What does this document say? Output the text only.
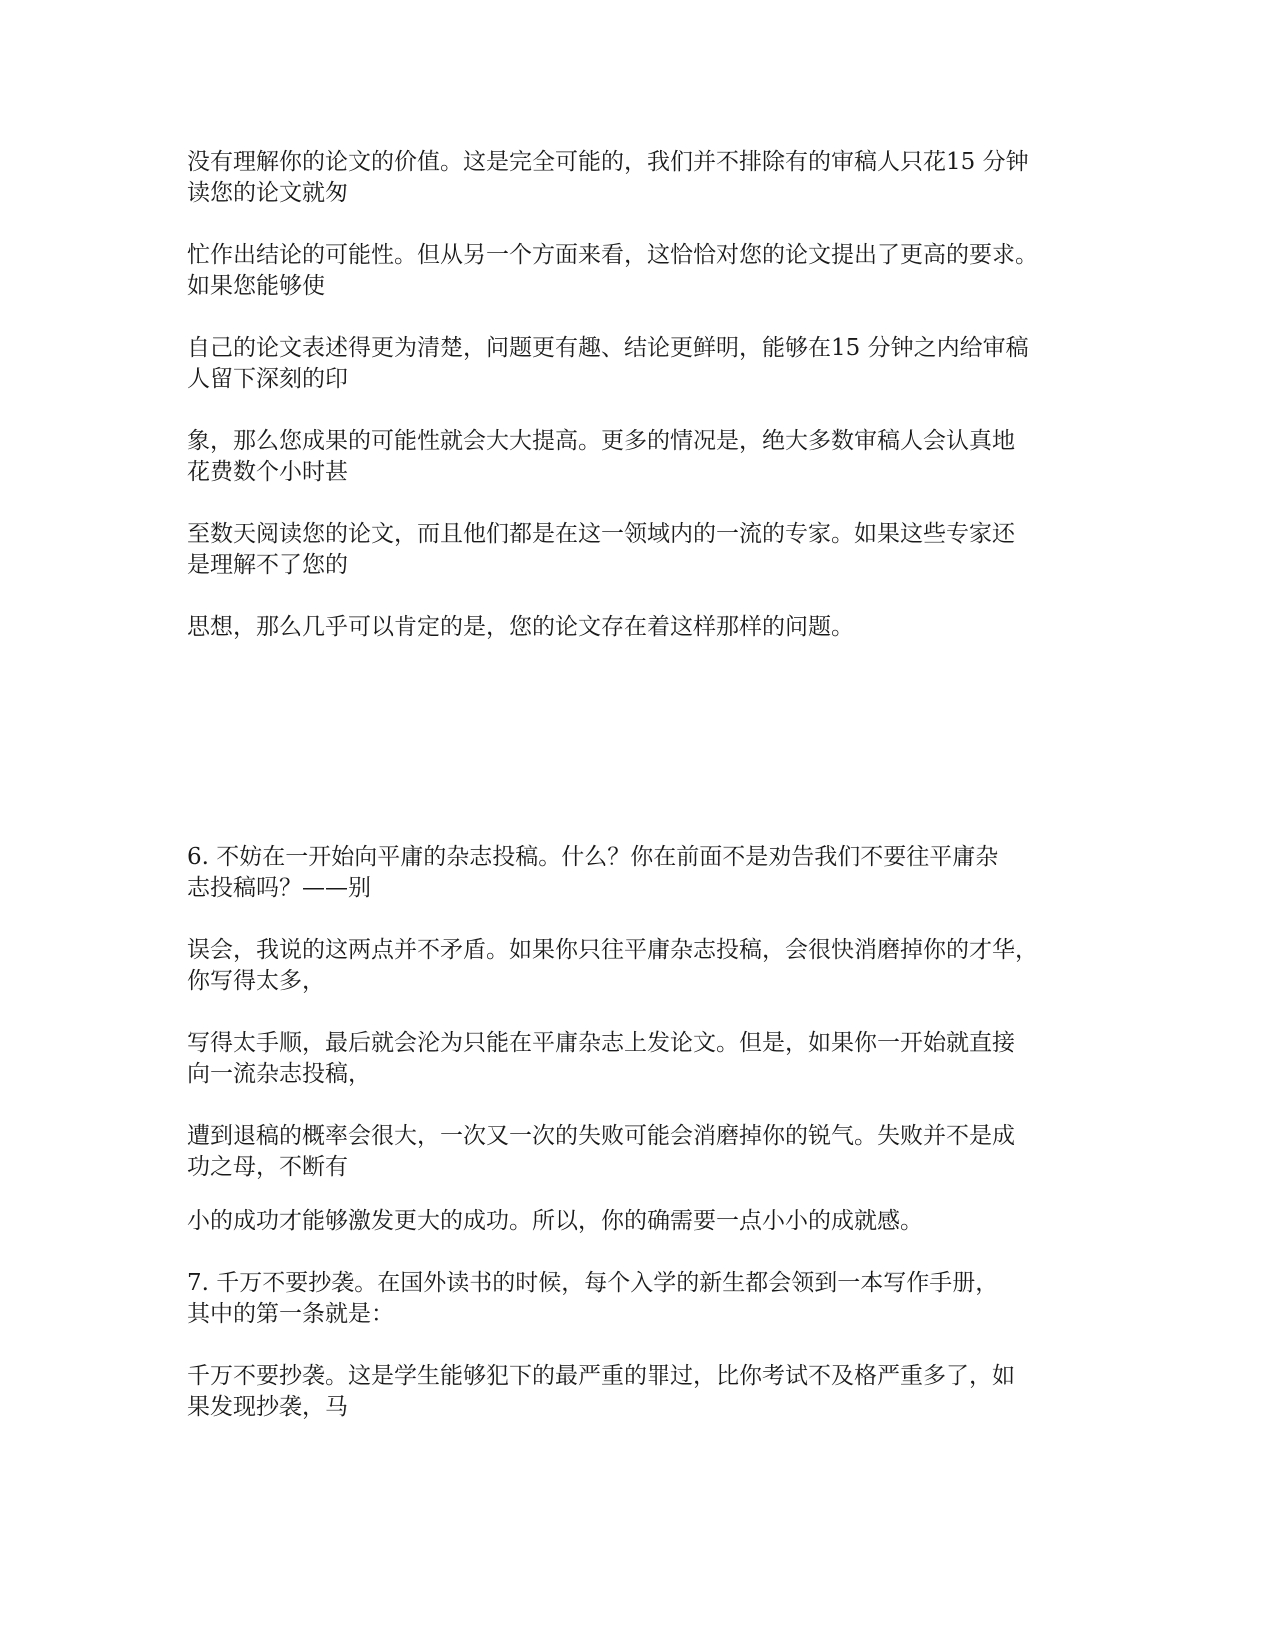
没有理解你的论文的价值。这是完全可能的，我们并不排除有的审稿人只花15 分钟
读您的论文就匆
忙作出结论的可能性。但从另一个方面来看，这恰恰对您的论文提出了更高的要求。
如果您能够使
自己的论文表述得更为清楚，问题更有趣、结论更鲜明，能够在15 分钟之内给审稿
人留下深刻的印
象，那么您成果的可能性就会大大提高。更多的情况是，绝大多数审稿人会认真地
花费数个小时甚
至数天阅读您的论文，而且他们都是在这一领域内的一流的专家。如果这些专家还
是理解不了您的
思想，那么几乎可以肯定的是，您的论文存在着这样那样的问题。
6. 不妨在一开始向平庸的杂志投稿。什么？你在前面不是劝告我们不要往平庸杂
志投稿吗？——别
误会，我说的这两点并不矛盾。如果你只往平庸杂志投稿，会很快消磨掉你的才华，
你写得太多，
写得太手顺，最后就会沦为只能在平庸杂志上发论文。但是，如果你一开始就直接
向一流杂志投稿，
遭到退稿的概率会很大，一次又一次的失败可能会消磨掉你的锐气。失败并不是成
功之母，不断有
小的成功才能够激发更大的成功。所以，你的确需要一点小小的成就感。
7. 千万不要抄袭。在国外读书的时候，每个入学的新生都会领到一本写作手册，
其中的第一条就是：
千万不要抄袭。这是学生能够犯下的最严重的罪过，比你考试不及格严重多了，如
果发现抄袭，马
